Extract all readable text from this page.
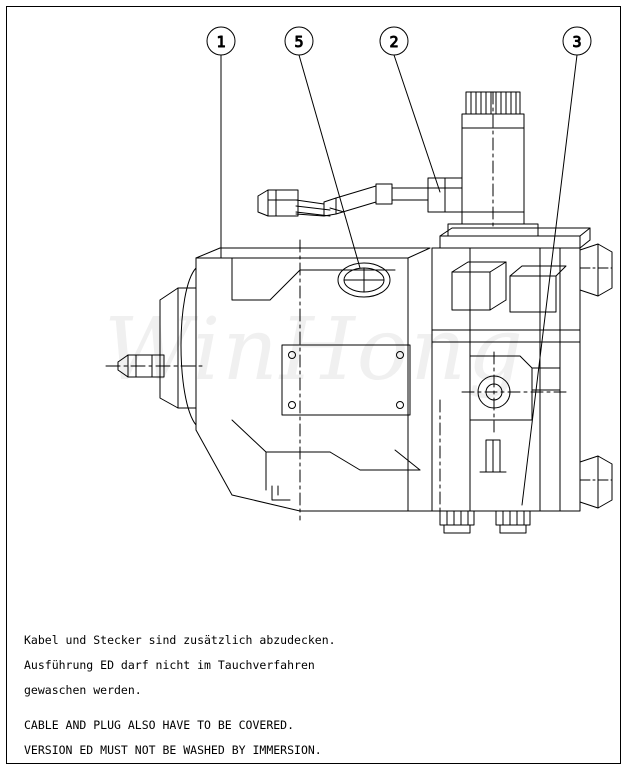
WinHong
1	5	2	3
Kabel und Stecker sind zusätzlich abzudecken.
Ausführung ED darf nicht im Tauchverfahren
gewaschen werden.
CABLE AND PLUG ALSO HAVE TO BE COVERED.
VERSION ED MUST NOT BE WASHED BY IMMERSION.
